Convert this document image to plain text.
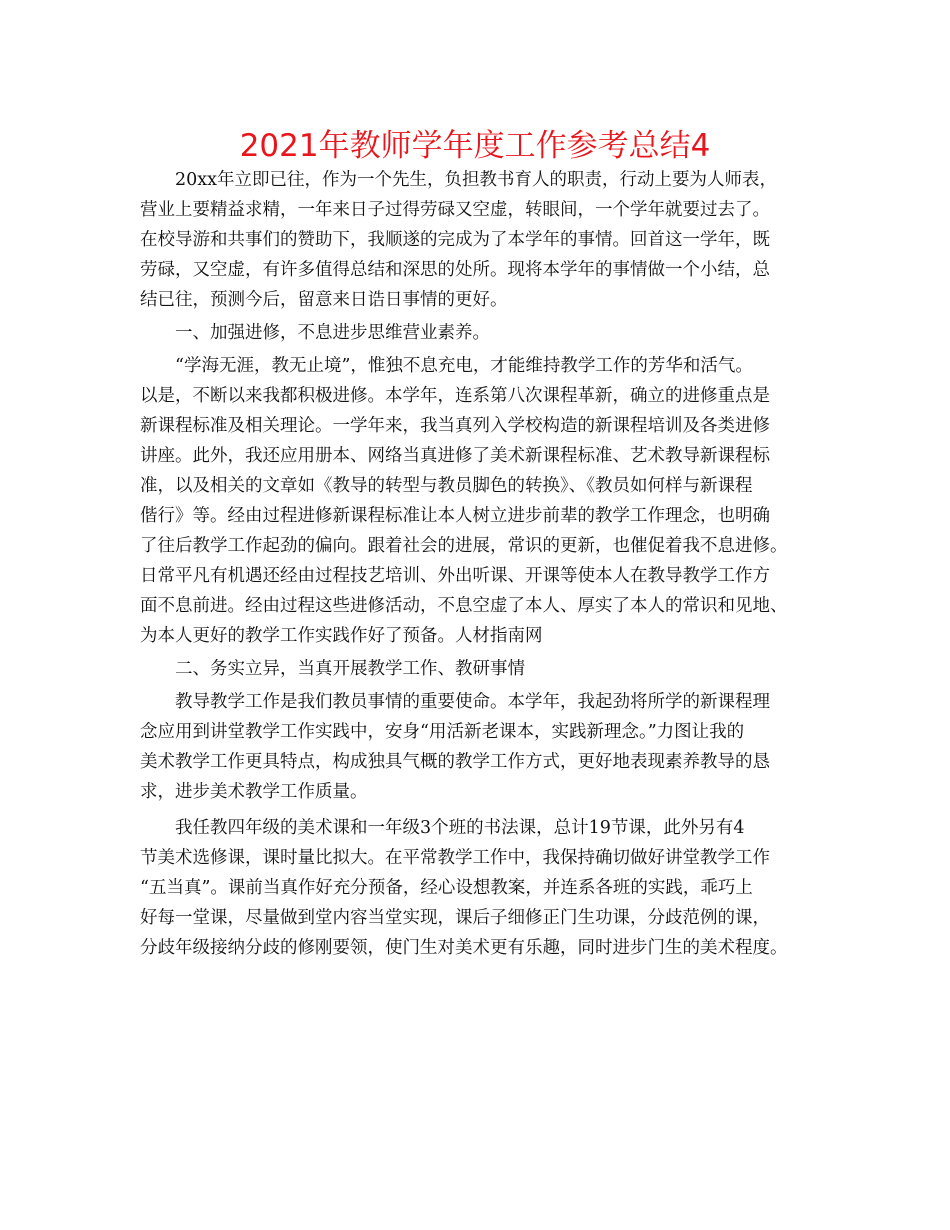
2021年教师学年度工作参考总结4
20xx年立即已往，作为一个先生，负担教书育人的职责，行动上要为人师表，
营业上要精益求精，一年来日子过得劳碌又空虚，转眼间，一个学年就要过去了。
在校导游和共事们的赞助下，我顺遂的完成为了本学年的事情。回首这一学年，既
劳碌，又空虚，有许多值得总结和深思的处所。现将本学年的事情做一个小结，总
结已往，预测今后，留意来日诰日事情的更好。
一、加强进修，不息进步思维营业素养。
“学海无涯，教无止境”，惟独不息充电，才能维持教学工作的芳华和活气。
以是，不断以来我都积极进修。本学年，连系第八次课程革新，确立的进修重点是
新课程标准及相关理论。一学年来，我当真列入学校构造的新课程培训及各类进修
讲座。此外，我还应用册本、网络当真进修了美术新课程标准、艺术教导新课程标
准，以及相关的文章如《教导的转型与教员脚色的转换》、《教员如何样与新课程
偕行》等。经由过程进修新课程标准让本人树立进步前辈的教学工作理念，也明确
了往后教学工作起劲的偏向。跟着社会的进展，常识的更新，也催促着我不息进修。
日常平凡有机遇还经由过程技艺培训、外出听课、开课等使本人在教导教学工作方
面不息前进。经由过程这些进修活动，不息空虚了本人、厚实了本人的常识和见地、
为本人更好的教学工作实践作好了预备。人材指南网
二、务实立异，当真开展教学工作、教研事情
教导教学工作是我们教员事情的重要使命。本学年，我起劲将所学的新课程理
念应用到讲堂教学工作实践中，安身“用活新老课本，实践新理念。”力图让我的
美术教学工作更具特点，构成独具气概的教学工作方式，更好地表现素养教导的恳
求，进步美术教学工作质量。
我任教四年级的美术课和一年级3个班的书法课，总计19节课，此外另有4
节美术选修课，课时量比拟大。在平常教学工作中，我保持确切做好讲堂教学工作
“五当真”。课前当真作好充分预备，经心设想教案，并连系各班的实践，乖巧上
好每一堂课，尽量做到堂内容当堂实现，课后子细修正门生功课，分歧范例的课，
分歧年级接纳分歧的修刚要领，使门生对美术更有乐趣，同时进步门生的美术程度。
